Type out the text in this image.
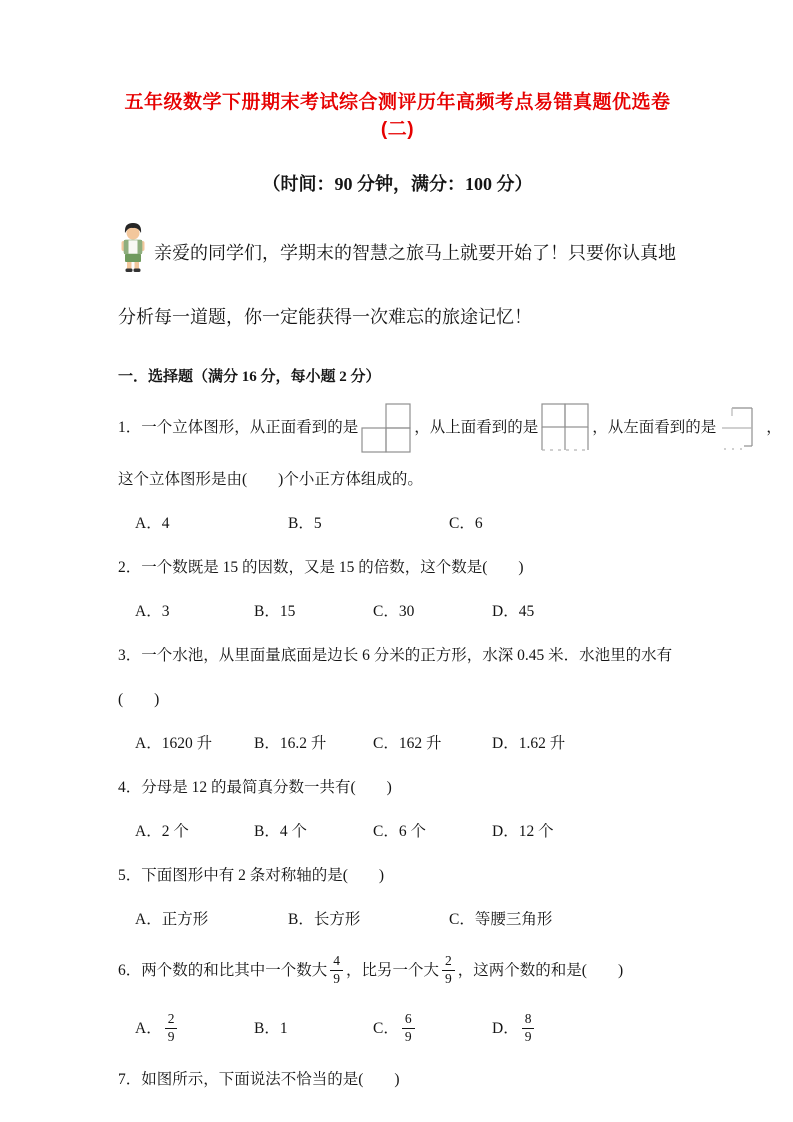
五年级数学下册期末考试综合测评历年高频考点易错真题优选卷(二)
（时间：90 分钟，满分：100 分）
亲爱的同学们，学期末的智慧之旅马上就要开始了！只要你认真地分析每一道题，你一定能获得一次难忘的旅途记忆！
一．选择题（满分 16 分，每小题 2 分）
1．一个立体图形，从正面看到的是	，从上面看到的是	，从左面看到的是	，
这个立体图形是由(　　)个小正方体组成的。
A．4	B．5	C．6
2．一个数既是 15 的因数，又是 15 的倍数，这个数是(　　)
A．3	B．15	C．30	D．45
3．一个水池，从里面量底面是边长 6 分米的正方形，水深 0.45 米．水池里的水有(　　)
A．1620 升	B．16.2 升	C．162 升	D．1.62 升
4．分母是 12 的最简真分数一共有(　　)
A．2 个	B．4 个	C．6 个	D．12 个
5．下面图形中有 2 条对称轴的是(　　)
A．正方形	B．长方形	C．等腰三角形
6．两个数的和比其中一个数大 $\frac{4}{9}$ ，比另一个大 $\frac{2}{9}$ ，这两个数的和是(　　)
A． $\frac{2}{9}$	B．1	C． $\frac{6}{9}$	D． $\frac{8}{9}$
7．如图所示，下面说法不恰当的是(　　)
